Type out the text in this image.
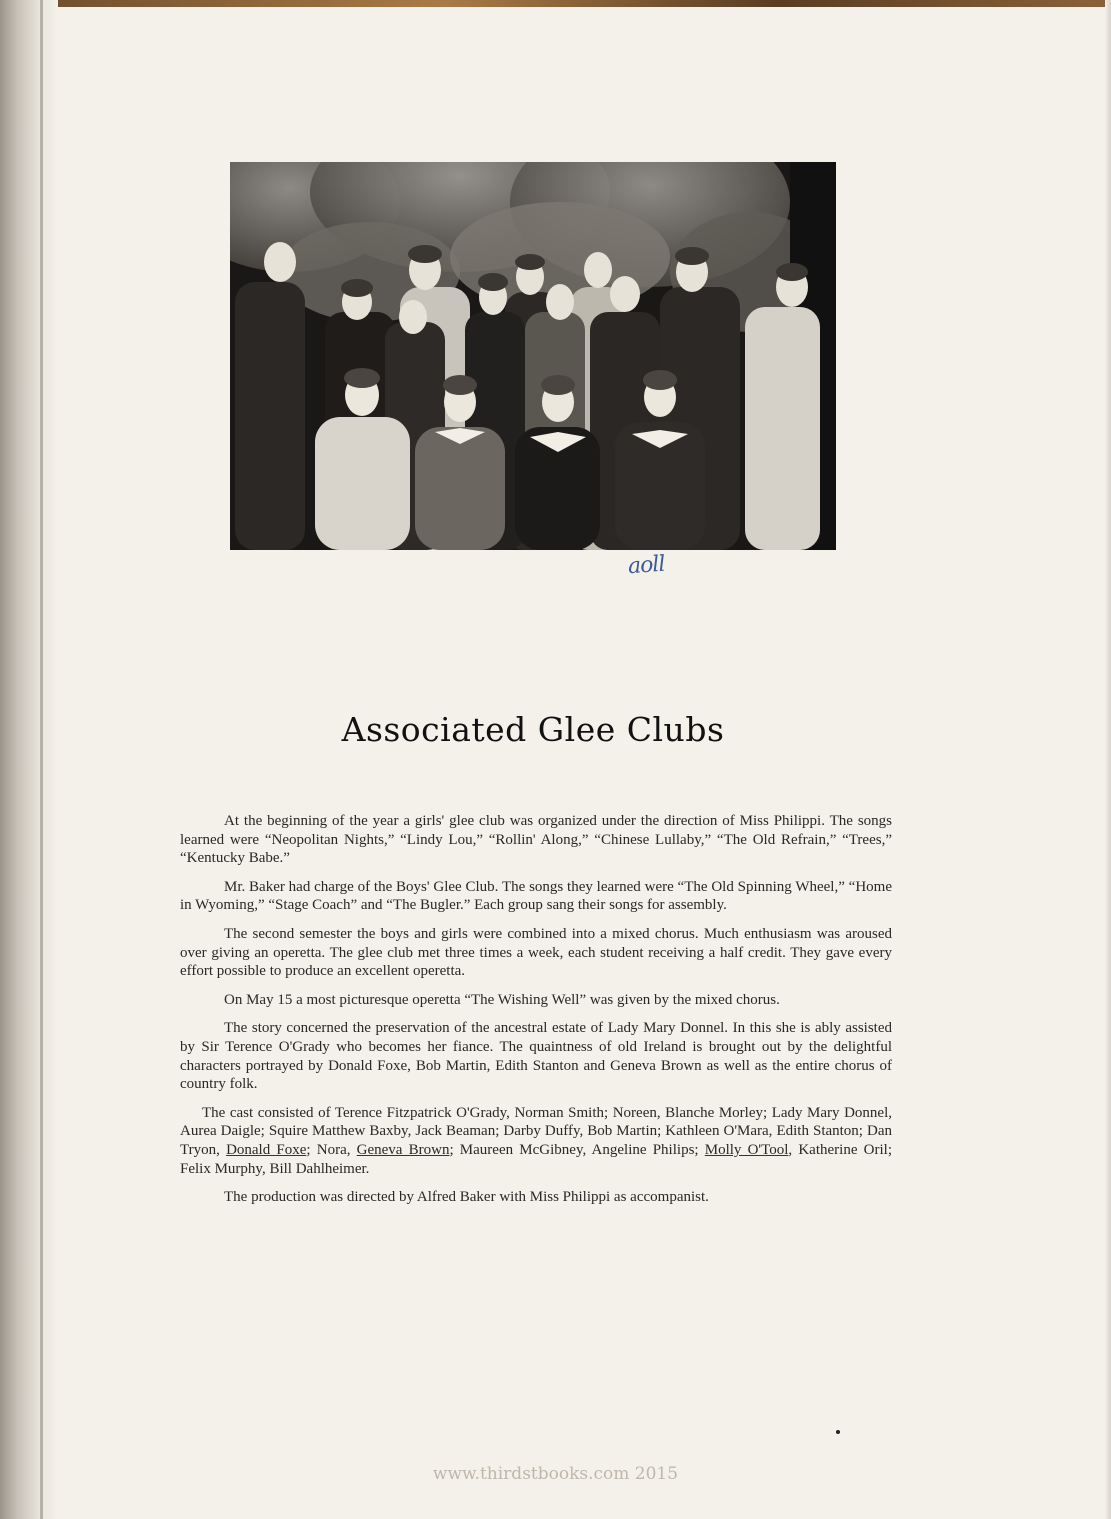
aoll
Associated Glee Clubs

At the beginning of the year a girls' glee club was organized under the direction of Miss Philippi. The songs learned were “Neopolitan Nights,” “Lindy Lou,” “Rollin' Along,” “Chinese Lullaby,” “The Old Refrain,” “Trees,” “Kentucky Babe.”

Mr. Baker had charge of the Boys' Glee Club. The songs they learned were “The Old Spinning Wheel,” “Home in Wyoming,” “Stage Coach” and “The Bugler.” Each group sang their songs for assembly.

The second semester the boys and girls were combined into a mixed chorus. Much enthusiasm was aroused over giving an operetta. The glee club met three times a week, each student receiving a half credit. They gave every effort possible to produce an excellent operetta.

On May 15 a most picturesque operetta “The Wishing Well” was given by the mixed chorus.

The story concerned the preservation of the ancestral estate of Lady Mary Donnel. In this she is ably assisted by Sir Terence O'Grady who becomes her fiance. The quaintness of old Ireland is brought out by the delightful characters portrayed by Donald Foxe, Bob Martin, Edith Stanton and Geneva Brown as well as the entire chorus of country folk.

The cast consisted of Terence Fitzpatrick O'Grady, Norman Smith; Noreen, Blanche Morley; Lady Mary Donnel, Aurea Daigle; Squire Matthew Baxby, Jack Beaman; Darby Duffy, Bob Martin; Kathleen O'Mara, Edith Stanton; Dan Tryon, Donald Foxe; Nora, Geneva Brown; Maureen McGibney, Angeline Philips; Molly O'Tool, Katherine Oril; Felix Murphy, Bill Dahlheimer.

The production was directed by Alfred Baker with Miss Philippi as accompanist.

www.thirdstbooks.com 2015
